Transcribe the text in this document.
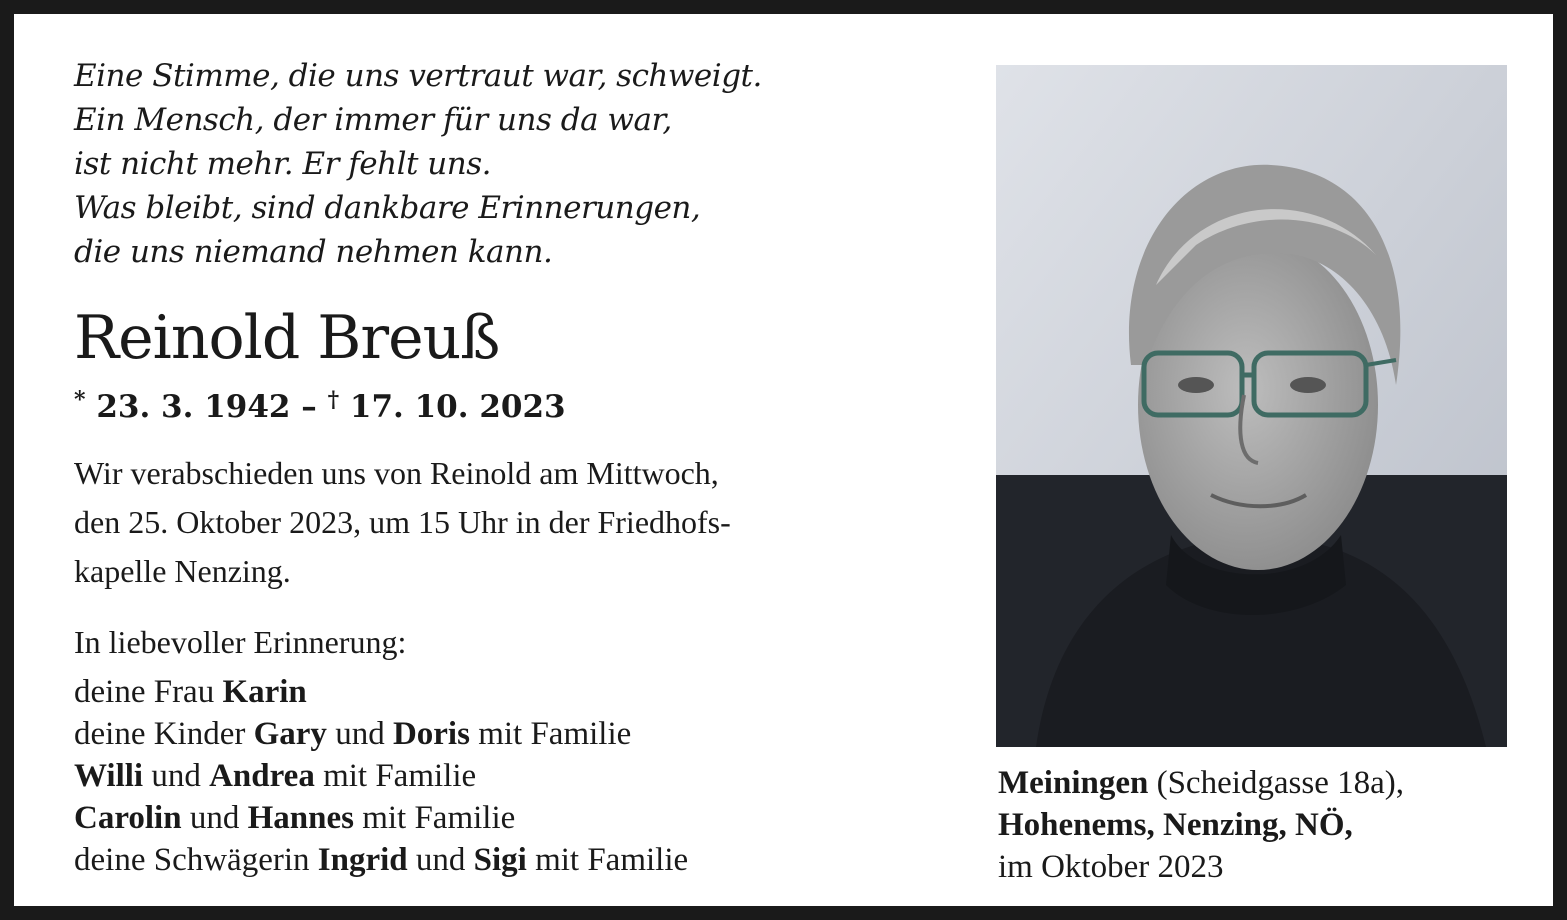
Eine Stimme, die uns vertraut war, schweigt.

Ein Mensch, der immer für uns da war,

ist nicht mehr. Er fehlt uns.

Was bleibt, sind dankbare Erinnerungen,

die uns niemand nehmen kann.

Reinold Breuß
* 23. 3. 1942 – † 17. 10. 2023
Wir verabschieden uns von Reinold am Mittwoch,
den 25. Oktober 2023, um 15 Uhr in der Friedhofs-
kapelle Nenzing.
In liebevoller Erinnerung:
deine Frau Karin
deine Kinder Gary und Doris mit Familie
Willi und Andrea mit Familie
Carolin und Hannes mit Familie
deine Schwägerin Ingrid und Sigi mit Familie
Meiningen (Scheidgasse 18a),
Hohenems, Nenzing, NÖ,
im Oktober 2023
